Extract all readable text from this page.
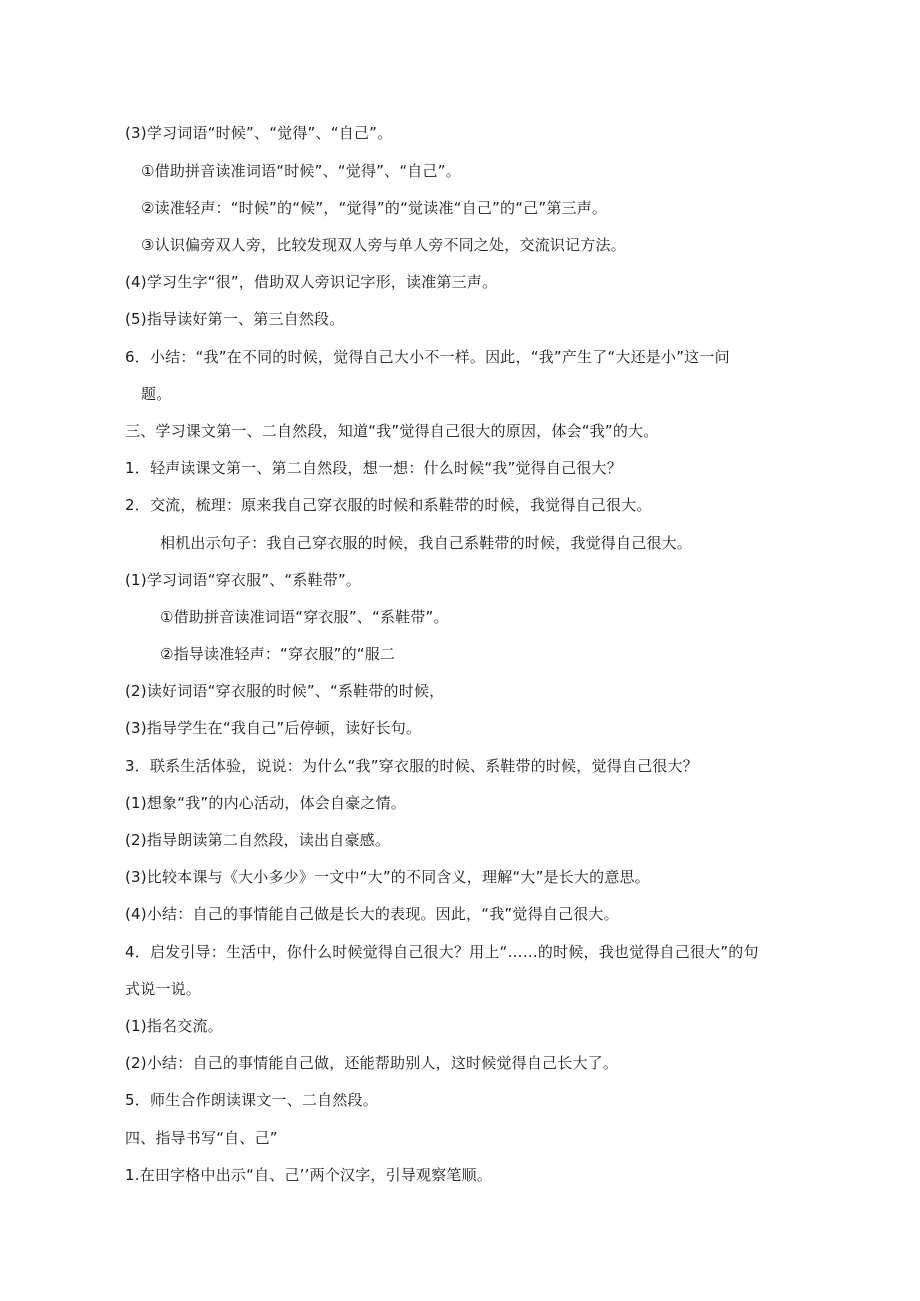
(3)学习词语“时候”、“觉得”、“自己”。
①借助拼音读准词语“时候”、“觉得”、“自己”。
②读准轻声：“时候”的“候”，“觉得”的“觉读准“自己”的“己”第三声。
③认识偏旁双人旁，比较发现双人旁与单人旁不同之处，交流识记方法。
(4)学习生字“很”，借助双人旁识记字形，读准第三声。
(5)指导读好第一、第三自然段。
6．小结：“我”在不同的时候，觉得自己大小不一样。因此，“我”产生了“大还是小”这一问
题。
三、学习课文第一、二自然段，知道“我”觉得自己很大的原因，体会“我”的大。
1．轻声读课文第一、第二自然段，想一想：什么时候“我”觉得自己很大？
2．交流，梳理：原来我自己穿衣服的时候和系鞋带的时候，我觉得自己很大。
相机出示句子：我自己穿衣服的时候，我自己系鞋带的时候，我觉得自己很大。
(1)学习词语“穿衣服”、“系鞋带”。
①借助拼音读准词语“穿衣服”、“系鞋带”。
②指导读准轻声：“穿衣服”的“服二
(2)读好词语“穿衣服的时候”、“系鞋带的时候，
(3)指导学生在“我自己”后停顿，读好长句。
3．联系生活体验，说说：为什么“我”穿衣服的时候、系鞋带的时候，觉得自己很大？
(1)想象“我”的内心活动，体会自豪之情。
(2)指导朗读第二自然段，读出自豪感。
(3)比较本课与《大小多少》一文中“大”的不同含义，理解“大”是长大的意思。
(4)小结：自己的事情能自己做是长大的表现。因此，“我”觉得自己很大。
4．启发引导：生活中，你什么时候觉得自己很大？用上“……的时候，我也觉得自己很大”的句
式说一说。
(1)指名交流。
(2)小结：自己的事情能自己做，还能帮助别人，这时候觉得自己长大了。
5．师生合作朗读课文一、二自然段。
四、指导书写“自、己”
1.在田字格中出示“自、己’’两个汉字，引导观察笔顺。
